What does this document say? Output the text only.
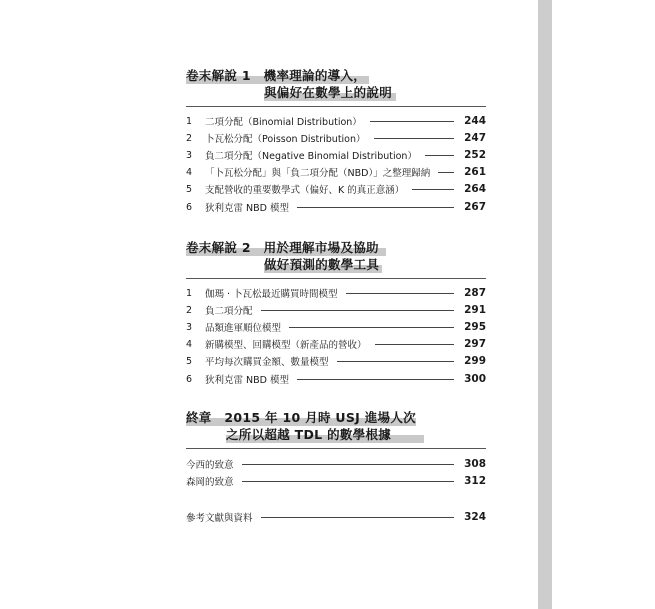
卷末解說 1　機率理論的導入，
與偏好在數學上的說明
1	二項分配（Binomial Distribution）	244
2	卜瓦松分配（Poisson Distribution）	247
3	負二項分配（Negative Binomial Distribution）	252
4	「卜瓦松分配」與「負二項分配（NBD）」之整理歸納	261
5	支配營收的重要數學式（偏好、K 的真正意涵）	264
6	狄利克雷 NBD 模型	267
卷末解說 2　用於理解市場及協助
做好預測的數學工具
1	伽瑪 ‧ 卜瓦松最近購買時間模型	287
2	負二項分配	291
3	品類進軍順位模型	295
4	新購模型、回購模型（新產品的營收）	297
5	平均每次購買金額、數量模型	299
6	狄利克雷 NBD 模型	300
終章　2015 年 10 月時 USJ 進場人次
之所以超越 TDL 的數學根據
今西的致意	308
森岡的致意	312
參考文獻與資料	324
